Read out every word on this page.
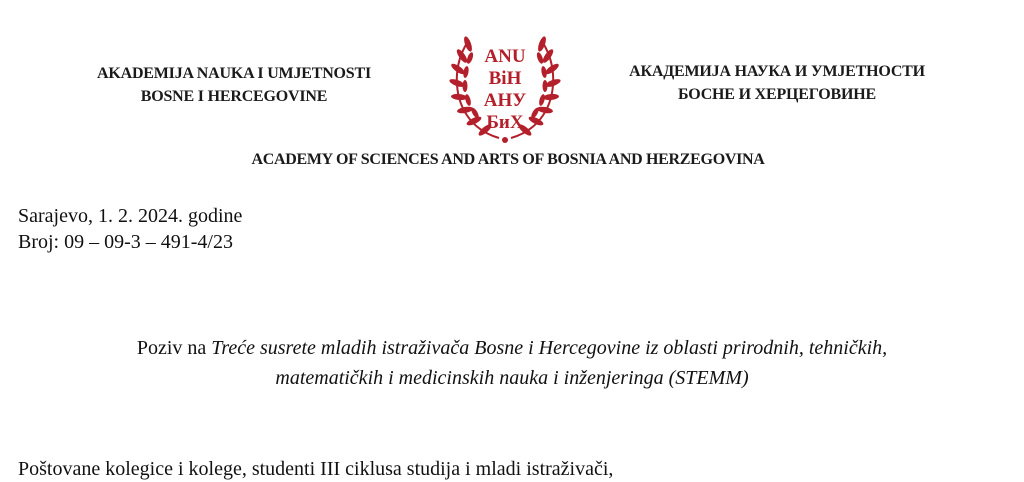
AKADEMIJA NAUKA I UMJETNOSTI
BOSNE I HERCEGOVINE
ANU
BiH
АНУ
БиХ
АКАДЕМИЈА НАУКА И УМЈЕТНОСТИ
БОСНЕ И ХЕРЦЕГОВИНЕ
ACADEMY OF SCIENCES AND ARTS OF BOSNIA AND HERZEGOVINA
Sarajevo, 1. 2. 2024. godine
Broj: 09 – 09-3 – 491-4/23
Poziv na Treće susrete mladih istraživača Bosne i Hercegovine iz oblasti prirodnih, tehničkih,
matematičkih i medicinskih nauka i inženjeringa (STEMM)
Poštovane kolegice i kolege, studenti III ciklusa studija i mladi istraživači,
